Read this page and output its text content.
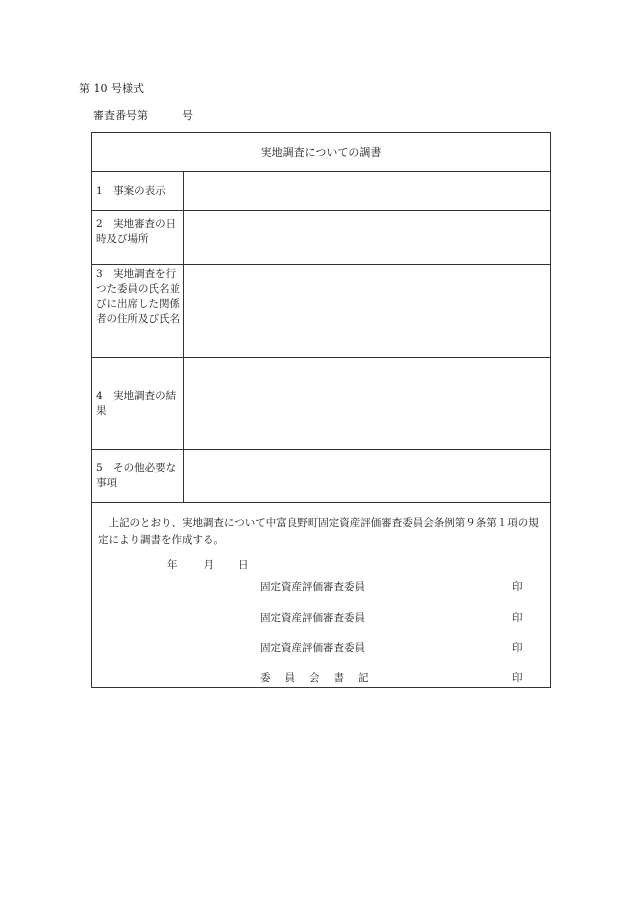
第 10 号様式
審査番号第	号
実地調査についての調書
1　事案の表示
2　実地審査の日時及び場所
3　実地調査を行つた委員の氏名並びに出席した関係者の住所及び氏名
4　実地調査の結果
5　その他必要な事項
上記のとおり、実地調査について中富良野町固定資産評価審査委員会条例第９条第１項の規定により調書を作成する。
年 月 日
固定資産評価審査委員	印
固定資産評価審査委員	印
固定資産評価審査委員	印
委員会書記	印
